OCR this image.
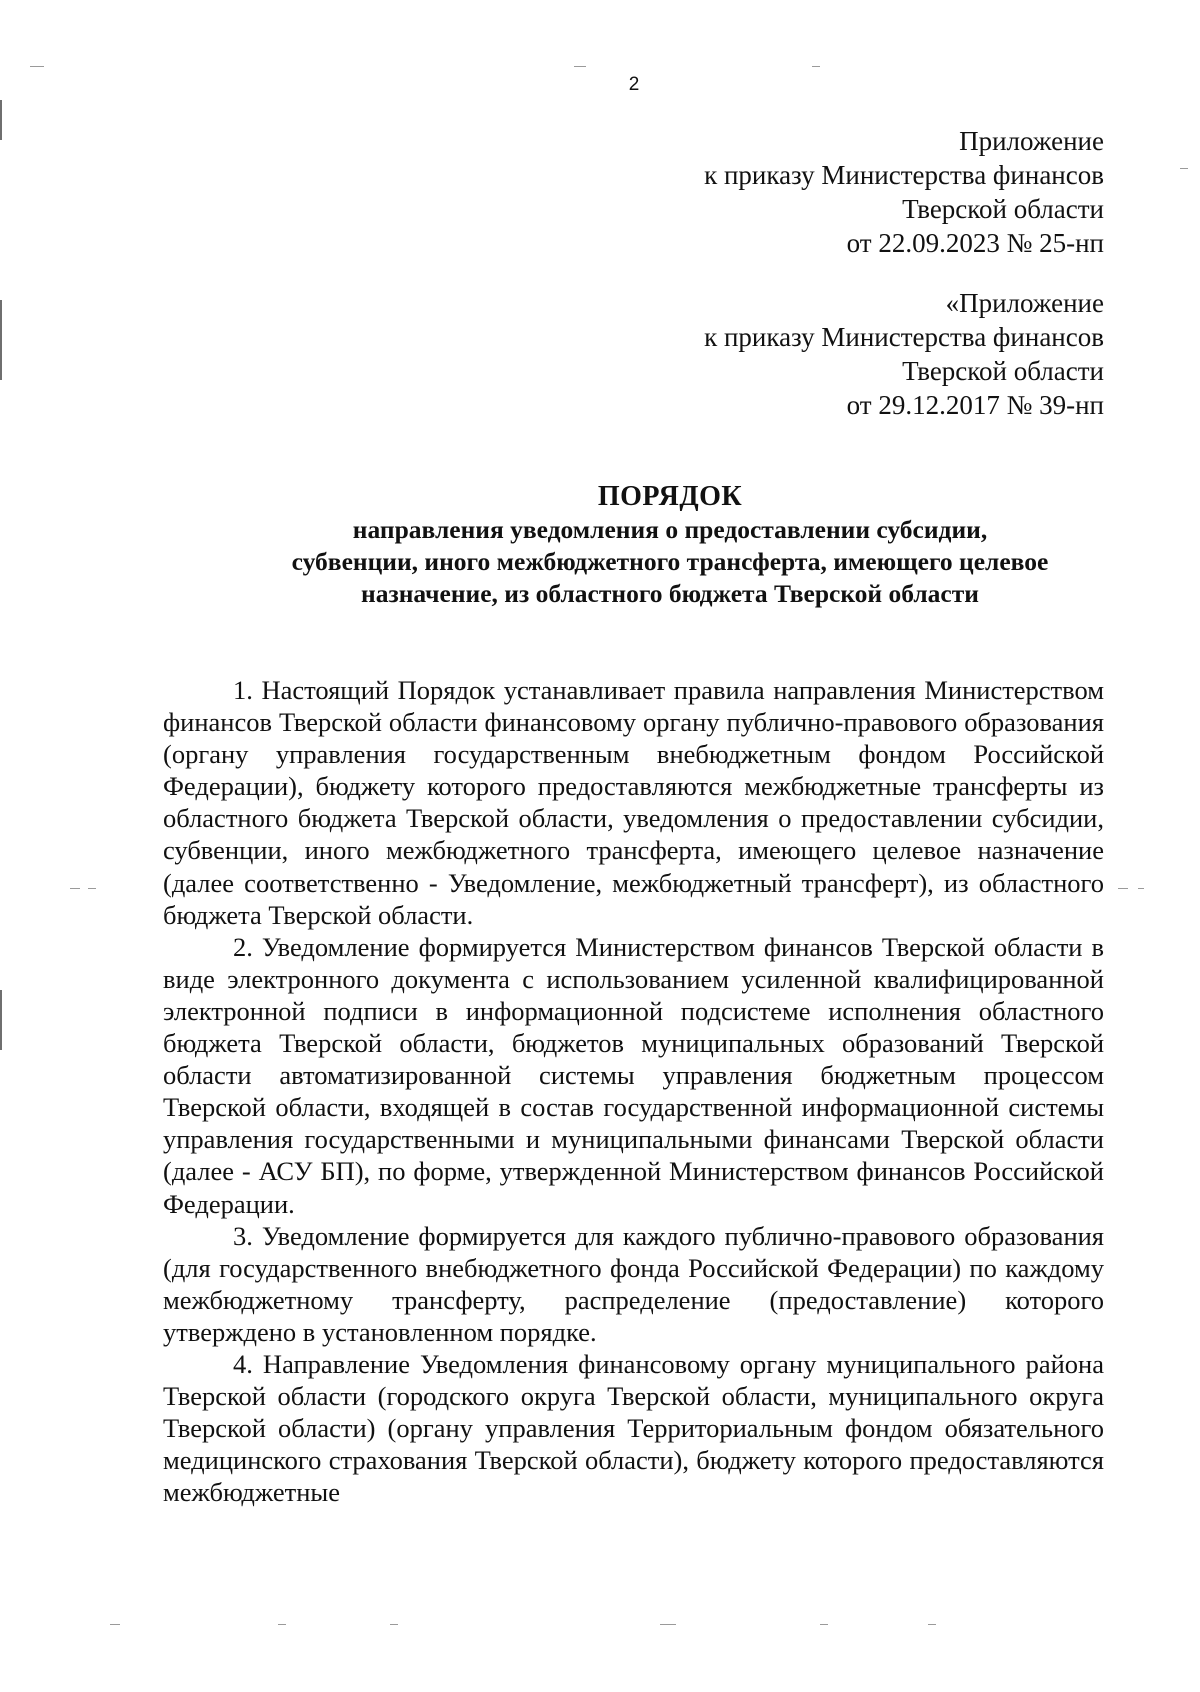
2
Приложение
к приказу Министерства финансов
Тверской области
от 22.09.2023 № 25-нп
«Приложение
к приказу Министерства финансов
Тверской области
от 29.12.2017 № 39-нп
ПОРЯДОК
направления уведомления о предоставлении субсидии,
субвенции, иного межбюджетного трансферта, имеющего целевое
назначение, из областного бюджета Тверской области

1. Настоящий Порядок устанавливает правила направления Министерством финансов Тверской области финансовому органу публично-правового образования (органу управления государственным внебюджетным фондом Российской Федерации), бюджету которого предоставляются межбюджетные трансферты из областного бюджета Тверской области, уведомления о предоставлении субсидии, субвенции, иного межбюджетного трансферта, имеющего целевое назначение (далее соответственно - Уведомление, межбюджетный трансферт), из областного бюджета Тверской области.

2. Уведомление формируется Министерством финансов Тверской области в виде электронного документа с использованием усиленной квалифицированной электронной подписи в информационной подсистеме исполнения областного бюджета Тверской области, бюджетов муниципальных образований Тверской области автоматизированной системы управления бюджетным процессом Тверской области, входящей в состав государственной информационной системы управления государственными и муниципальными финансами Тверской области (далее - АСУ БП), по форме, утвержденной Министерством финансов Российской Федерации.

3. Уведомление формируется для каждого публично-правового образования (для государственного внебюджетного фонда Российской Федерации) по каждому межбюджетному трансферту, распределение (предоставление) которого утверждено в установленном порядке.

4. Направление Уведомления финансовому органу муниципального района Тверской области (городского округа Тверской области, муниципального округа Тверской области) (органу управления Территориальным фондом обязательного медицинского страхования Тверской области), бюджету которого предоставляются межбюджетные
